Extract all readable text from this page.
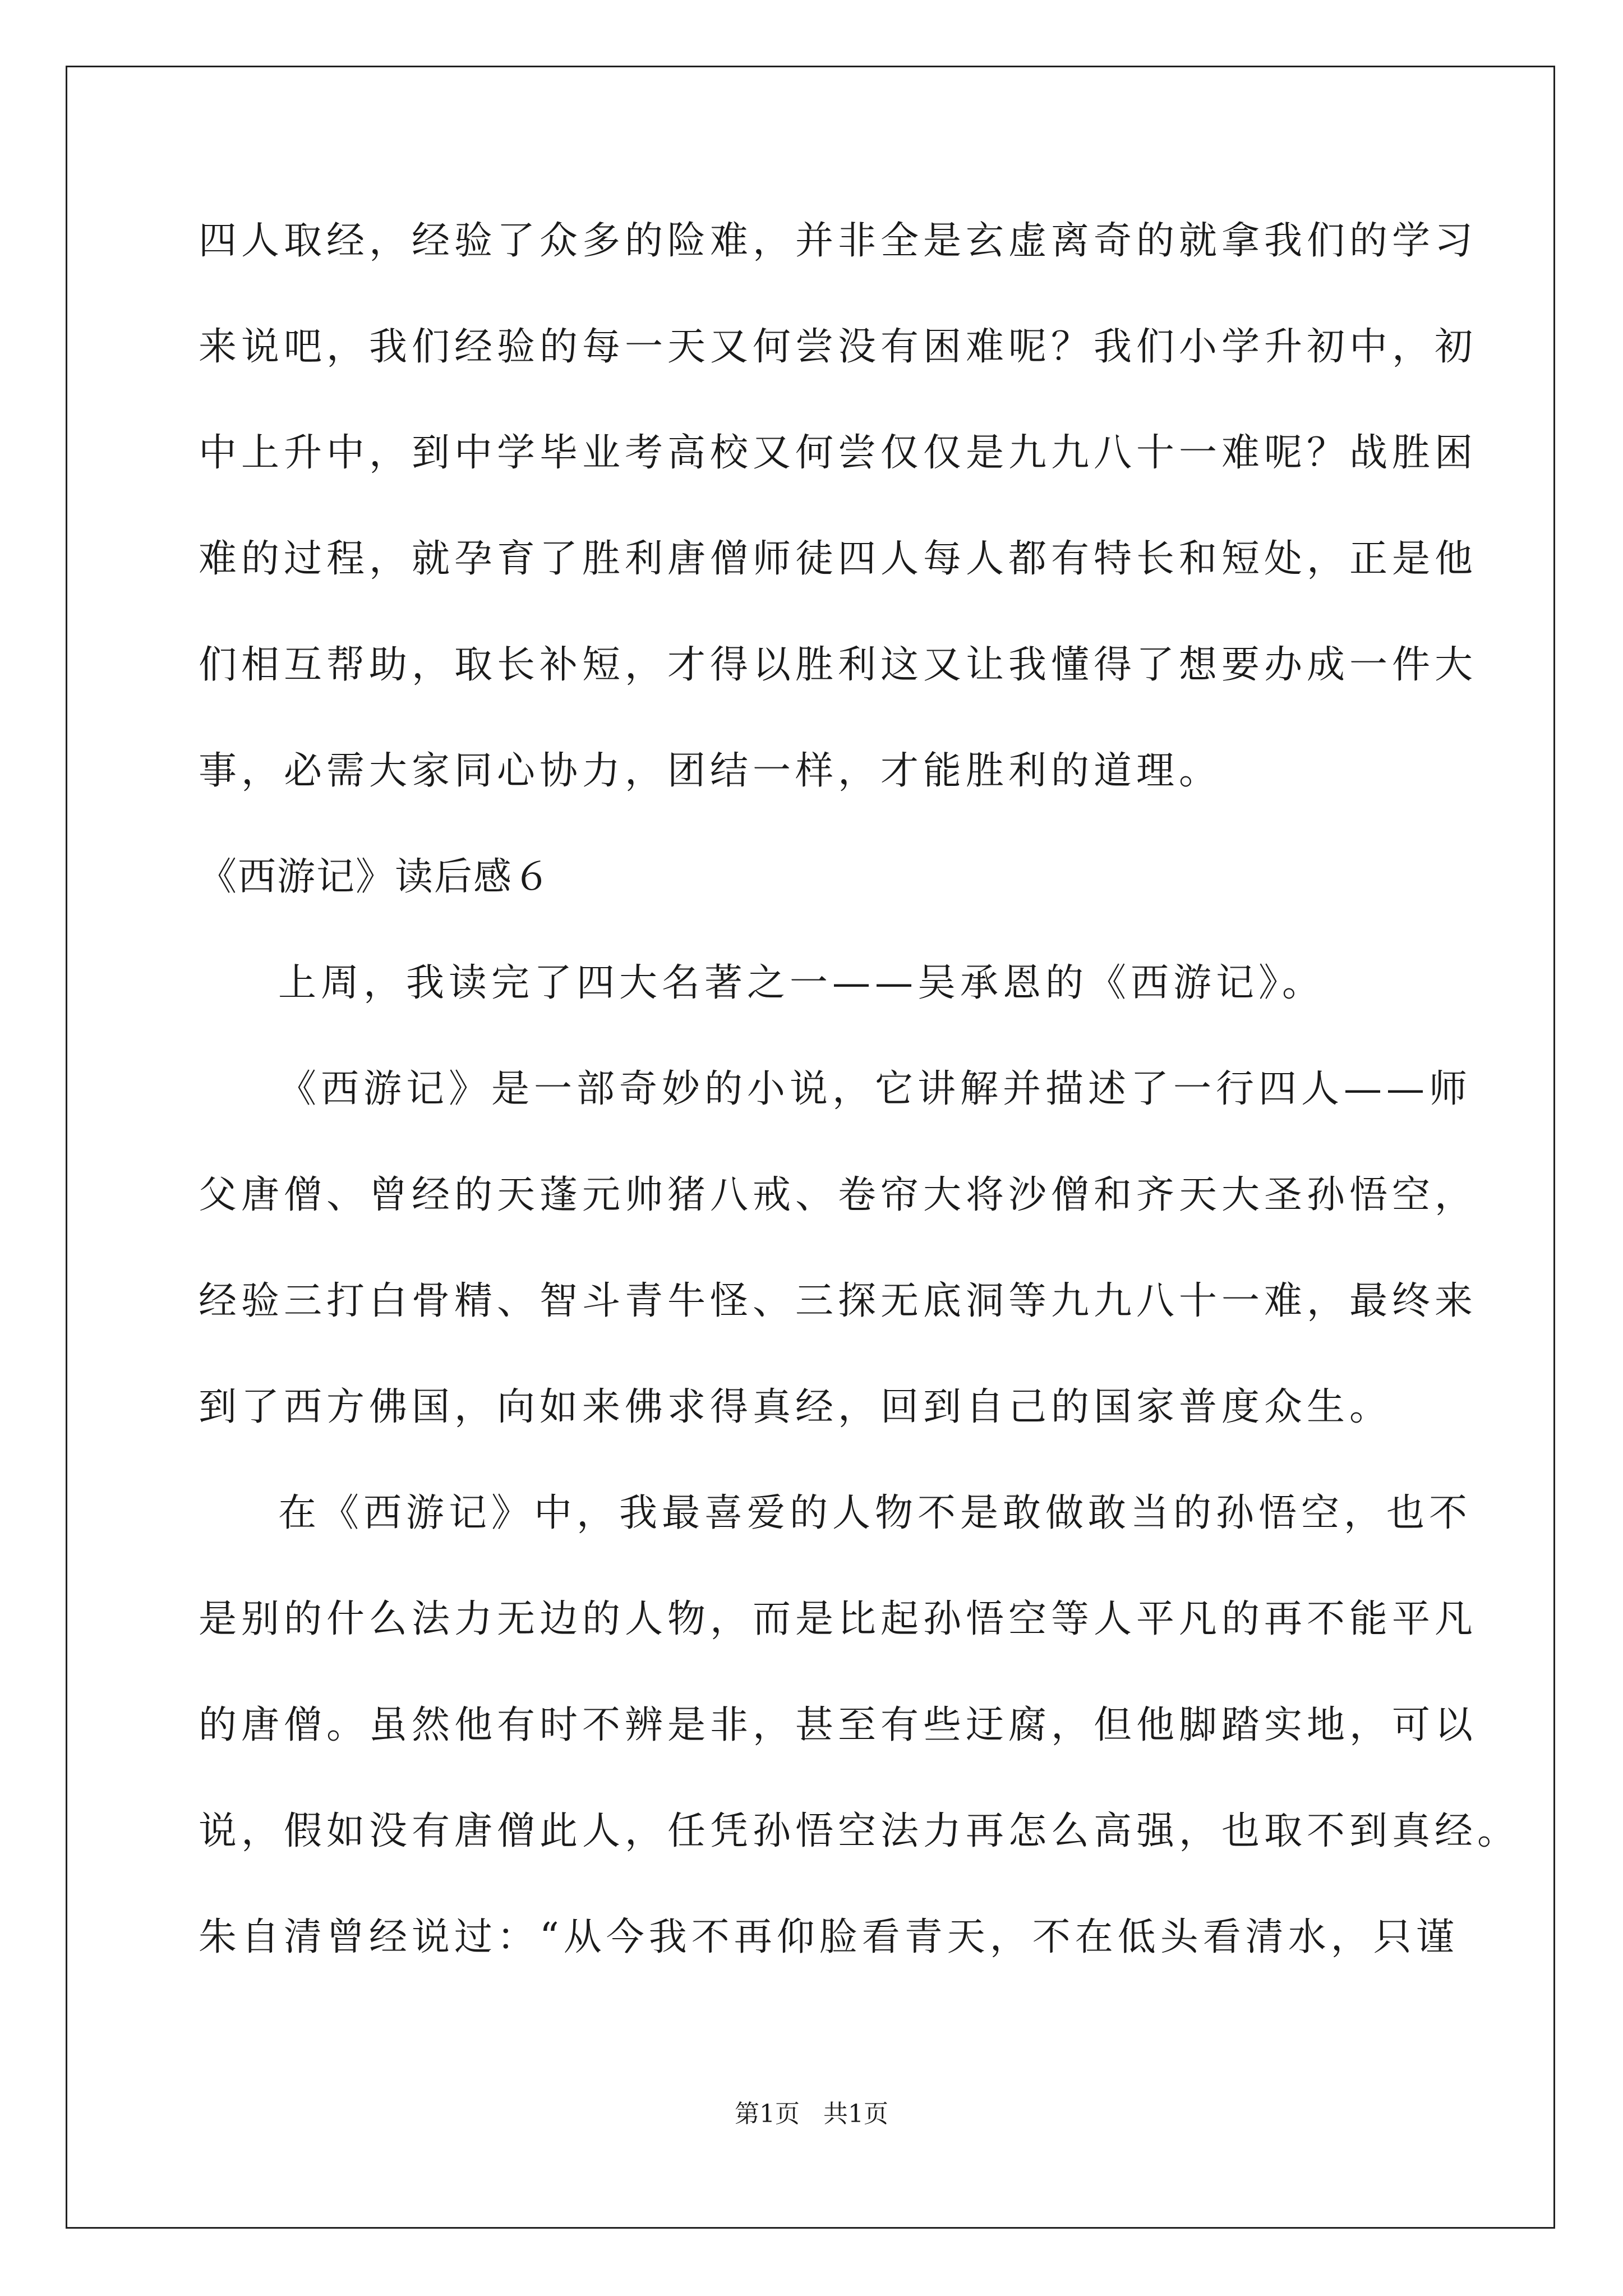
四人取经，经验了众多的险难，并非全是玄虚离奇的就拿我们的学习
来说吧，我们经验的每一天又何尝没有困难呢？我们小学升初中，初
中上升中，到中学毕业考高校又何尝仅仅是九九八十一难呢？战胜困
难的过程，就孕育了胜利唐僧师徒四人每人都有特长和短处，正是他
们相互帮助，取长补短，才得以胜利这又让我懂得了想要办成一件大
事，必需大家同心协力，团结一样，才能胜利的道理。
《西游记》读后感６
上周，我读完了四大名著之一——吴承恩的《西游记》。
《西游记》是一部奇妙的小说，它讲解并描述了一行四人——师
父唐僧、曾经的天蓬元帅猪八戒、卷帘大将沙僧和齐天大圣孙悟空，
经验三打白骨精、智斗青牛怪、三探无底洞等九九八十一难，最终来
到了西方佛国，向如来佛求得真经，回到自己的国家普度众生。
在《西游记》中，我最喜爱的人物不是敢做敢当的孙悟空，也不
是别的什么法力无边的人物，而是比起孙悟空等人平凡的再不能平凡
的唐僧。虽然他有时不辨是非，甚至有些迂腐，但他脚踏实地，可以
说，假如没有唐僧此人，任凭孙悟空法力再怎么高强，也取不到真经。
朱自清曾经说过：“从今我不再仰脸看青天，不在低头看清水，只谨
第1页   共1页
